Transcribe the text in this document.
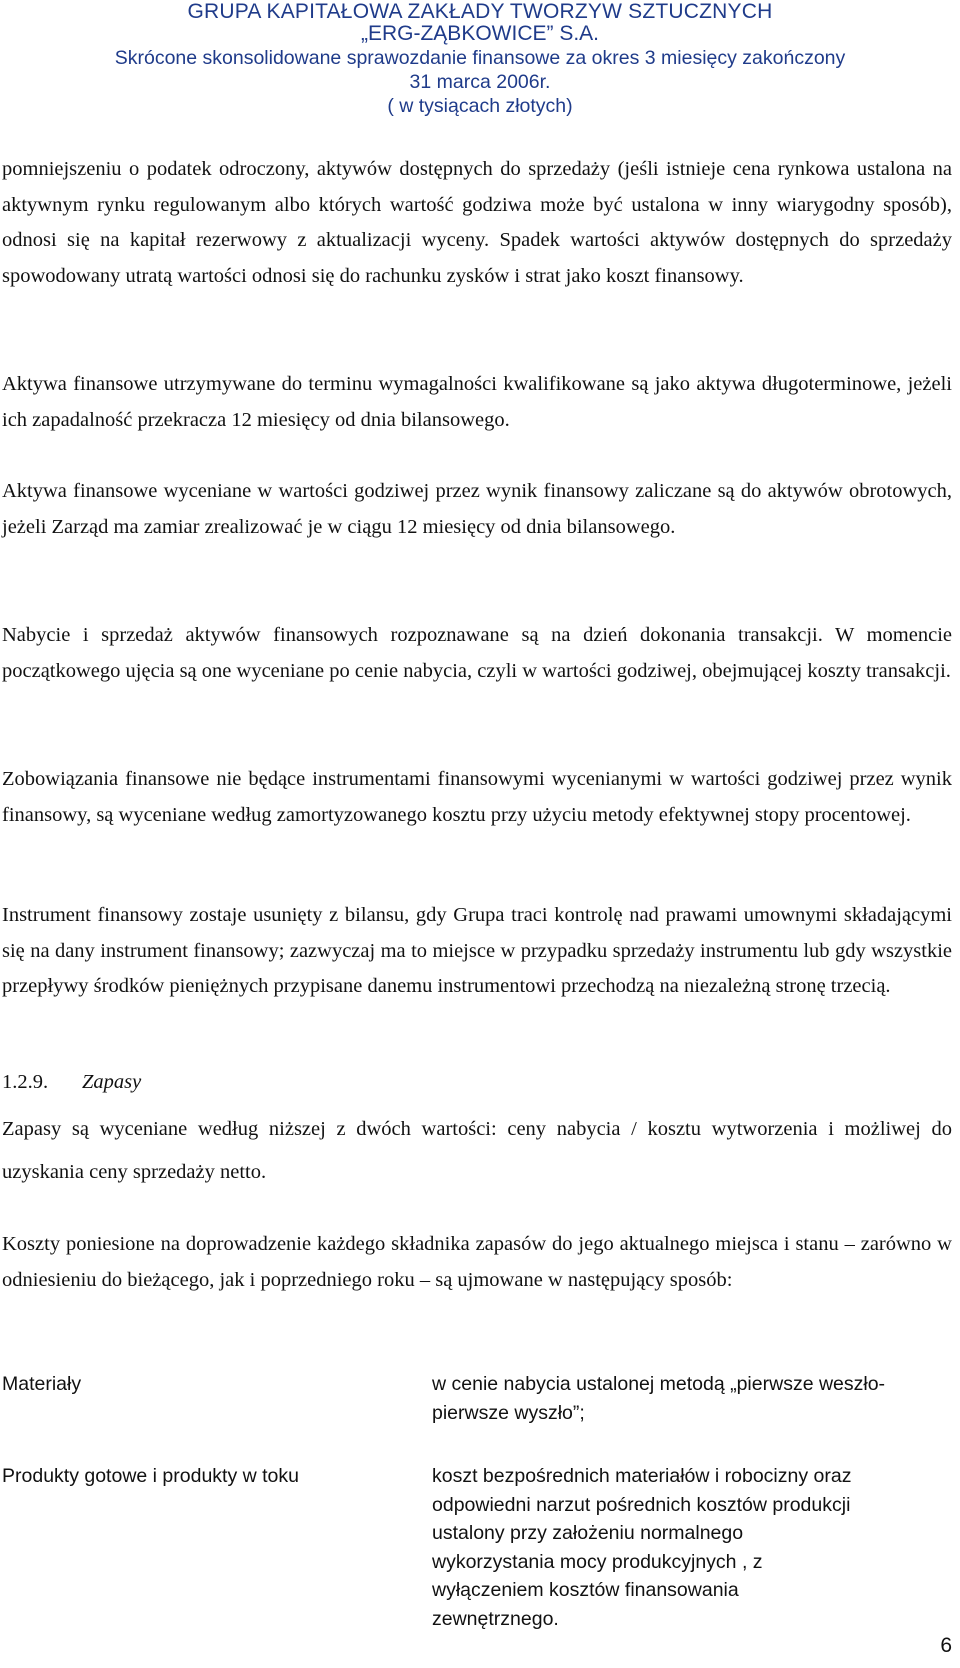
GRUPA KAPITAŁOWA ZAKŁADY TWORZYW SZTUCZNYCH
„ERG-ZĄBKOWICE” S.A.
Skrócone skonsolidowane sprawozdanie finansowe za okres 3 miesięcy zakończony
31 marca 2006r.
( w tysiącach złotych)

pomniejszeniu o podatek odroczony, aktywów dostępnych do sprzedaży (jeśli istnieje cena rynkowa ustalona na aktywnym rynku regulowanym albo których wartość godziwa może być ustalona w inny wiarygodny sposób), odnosi się na kapitał rezerwowy z aktualizacji wyceny. Spadek wartości aktywów dostępnych do sprzedaży spowodowany utratą wartości odnosi się do rachunku zysków i strat jako koszt finansowy.

Aktywa finansowe utrzymywane do terminu wymagalności kwalifikowane są jako aktywa długoterminowe, jeżeli ich zapadalność przekracza 12 miesięcy od dnia bilansowego.

Aktywa finansowe wyceniane w wartości godziwej przez wynik finansowy zaliczane są do aktywów obrotowych, jeżeli Zarząd ma zamiar zrealizować je w ciągu 12 miesięcy od dnia bilansowego.

Nabycie i sprzedaż aktywów finansowych rozpoznawane są na dzień dokonania transakcji. W momencie początkowego ujęcia są one wyceniane po cenie nabycia, czyli w wartości godziwej, obejmującej koszty transakcji.

Zobowiązania finansowe nie będące instrumentami finansowymi wycenianymi w wartości godziwej przez wynik finansowy, są wyceniane według zamortyzowanego kosztu przy użyciu metody efektywnej stopy procentowej.

Instrument finansowy zostaje usunięty z bilansu, gdy Grupa traci kontrolę nad prawami umownymi składającymi się na dany instrument finansowy; zazwyczaj ma to miejsce w przypadku sprzedaży instrumentu lub gdy wszystkie przepływy środków pieniężnych przypisane danemu instrumentowi przechodzą na niezależną stronę trzecią.

1.2.9. Zapasy

Zapasy są wyceniane według niższej z dwóch wartości: ceny nabycia / kosztu wytworzenia i możliwej do uzyskania ceny sprzedaży netto.

Koszty poniesione na doprowadzenie każdego składnika zapasów do jego aktualnego miejsca i stanu – zarówno w odniesieniu do bieżącego, jak i poprzedniego roku – są ujmowane w następujący sposób:

Materiały	w cenie nabycia ustalonej metodą „pierwsze weszło-
pierwsze wyszło”;
Produkty gotowe i produkty w toku	koszt bezpośrednich materiałów i robocizny oraz
odpowiedni narzut pośrednich kosztów produkcji
ustalony przy założeniu normalnego
wykorzystania mocy produkcyjnych , z
wyłączeniem kosztów finansowania
zewnętrznego.
6
